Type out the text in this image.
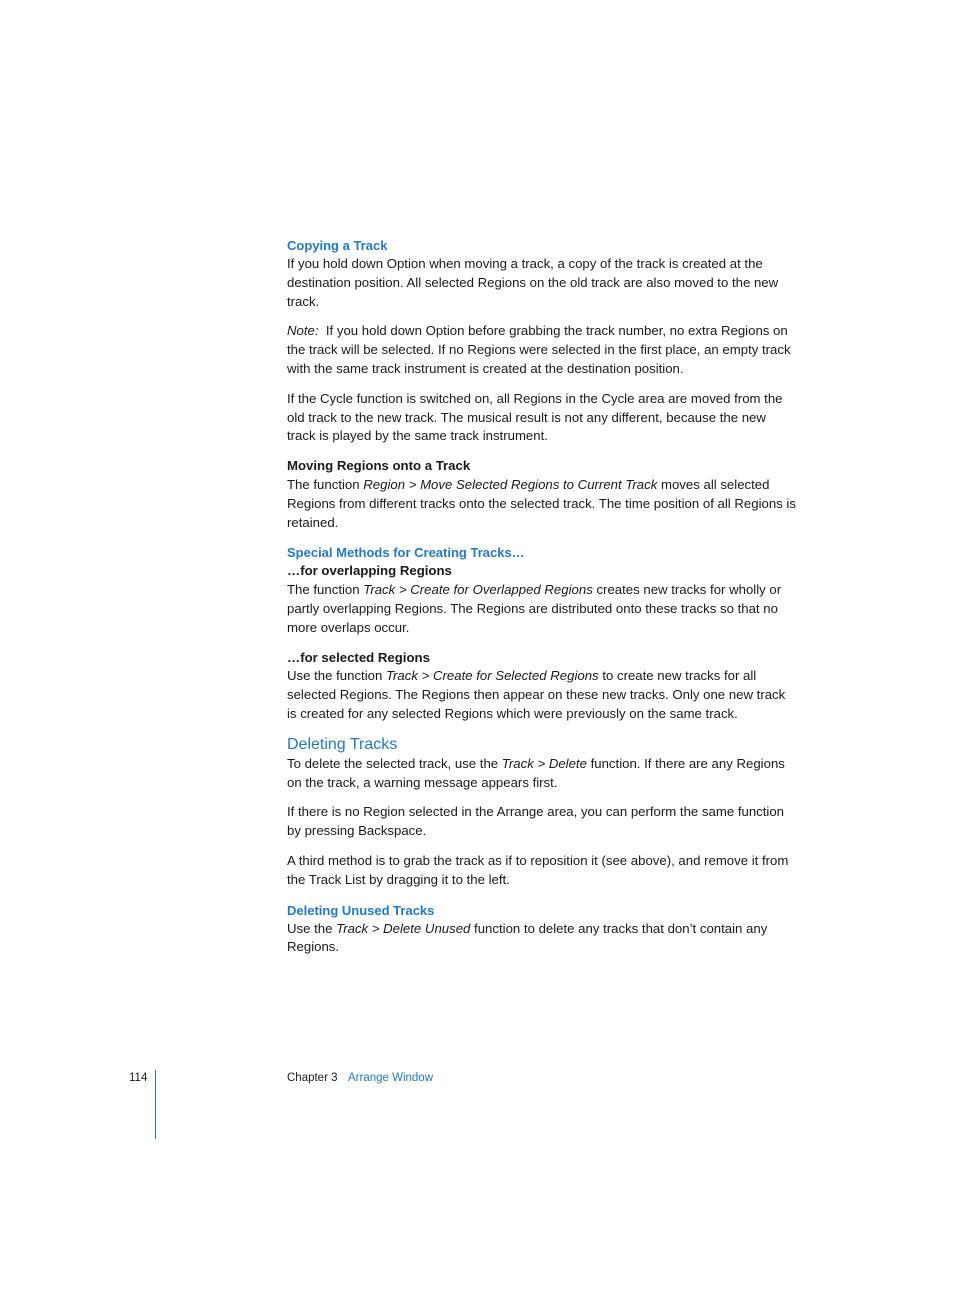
Copying a Track

If you hold down Option when moving a track, a copy of the track is created at the destination position. All selected Regions on the old track are also moved to the new track.

Note: If you hold down Option before grabbing the track number, no extra Regions on the track will be selected. If no Regions were selected in the first place, an empty track with the same track instrument is created at the destination position.

If the Cycle function is switched on, all Regions in the Cycle area are moved from the old track to the new track. The musical result is not any different, because the new track is played by the same track instrument.

Moving Regions onto a Track

The function Region > Move Selected Regions to Current Track moves all selected Regions from different tracks onto the selected track. The time position of all Regions is retained.

Special Methods for Creating Tracks…
…for overlapping Regions

The function Track > Create for Overlapped Regions creates new tracks for wholly or partly overlapping Regions. The Regions are distributed onto these tracks so that no more overlaps occur.

…for selected Regions

Use the function Track > Create for Selected Regions to create new tracks for all selected Regions. The Regions then appear on these new tracks. Only one new track is created for any selected Regions which were previously on the same track.

Deleting Tracks

To delete the selected track, use the Track > Delete function. If there are any Regions on the track, a warning message appears first.

If there is no Region selected in the Arrange area, you can perform the same function by pressing Backspace.

A third method is to grab the track as if to reposition it (see above), and remove it from the Track List by dragging it to the left.

Deleting Unused Tracks

Use the Track > Delete Unused function to delete any tracks that don’t contain any Regions.

114	Chapter 3 Arrange Window
